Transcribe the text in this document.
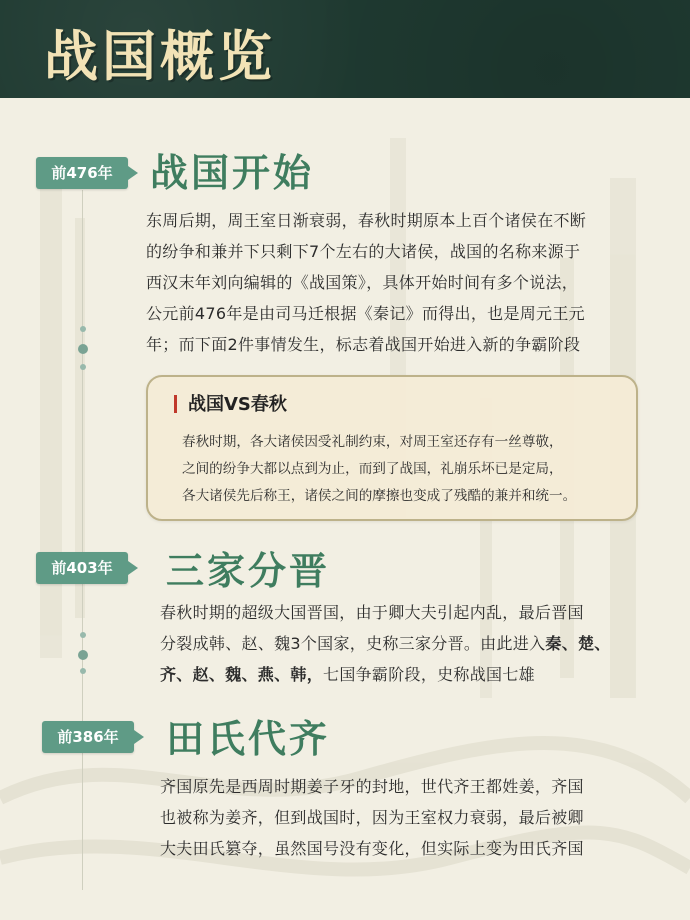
战国概览
前476年 战国开始
东周后期，周王室日渐衰弱，春秋时期原本上百个诸侯在不断
的纷争和兼并下只剩下7个左右的大诸侯，战国的名称来源于
西汉末年刘向编辑的《战国策》，具体开始时间有多个说法，
公元前476年是由司马迁根据《秦记》而得出，也是周元王元
年；而下面2件事情发生，标志着战国开始进入新的争霸阶段
战国VS春秋
春秋时期，各大诸侯因受礼制约束，对周王室还存有一丝尊敬，
之间的纷争大都以点到为止，而到了战国，礼崩乐坏已是定局，
各大诸侯先后称王，诸侯之间的摩擦也变成了残酷的兼并和统一。
前403年	三家分晋
春秋时期的超级大国晋国，由于卿大夫引起内乱，最后晋国
分裂成韩、赵、魏3个国家，史称三家分晋。由此进入秦、楚、
齐、赵、魏、燕、韩，七国争霸阶段，史称战国七雄
前386年	田氏代齐
齐国原先是西周时期姜子牙的封地，世代齐王都姓姜，齐国
也被称为姜齐，但到战国时，因为王室权力衰弱，最后被卿
大夫田氏篡夺，虽然国号没有变化，但实际上变为田氏齐国
